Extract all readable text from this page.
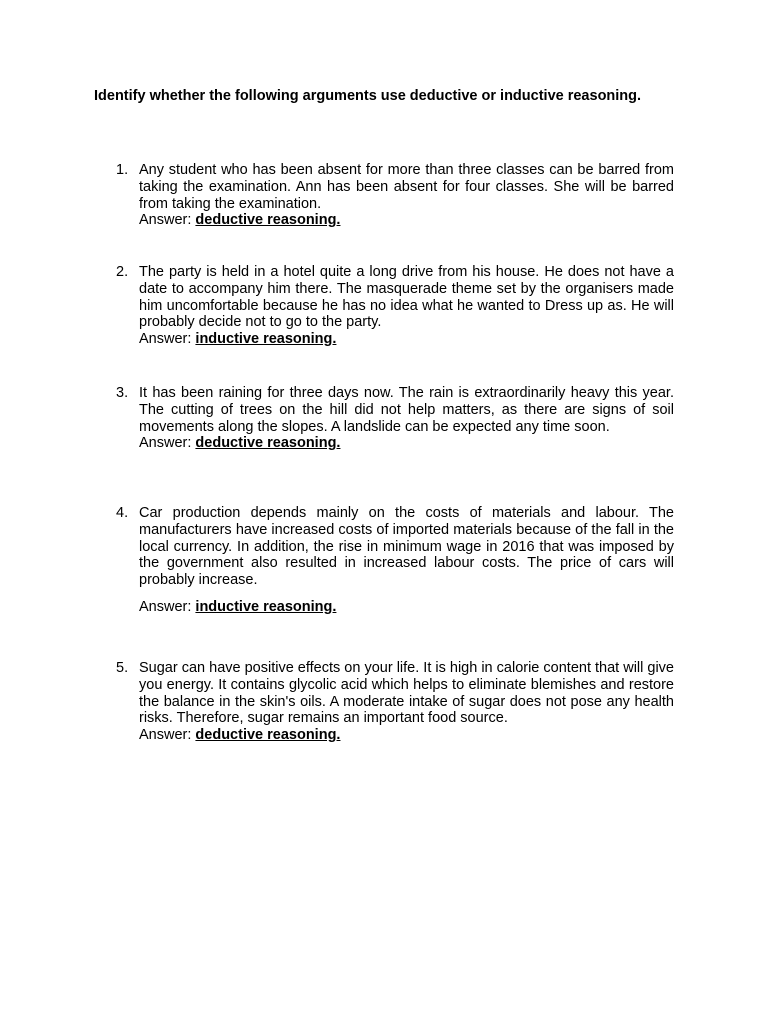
Identify whether the following arguments use deductive or inductive reasoning.

1. Any student who has been absent for more than three classes can be barred from taking the examination. Ann has been absent for four classes. She will be barred from taking the examination.

Answer: deductive reasoning.

2. The party is held in a hotel quite a long drive from his house. He does not have a date to accompany him there. The masquerade theme set by the organisers made him uncomfortable because he has no idea what he wanted to Dress up as. He will probably decide not to go to the party.

Answer: inductive reasoning.

3. It has been raining for three days now. The rain is extraordinarily heavy this year. The cutting of trees on the hill did not help matters, as there are signs of soil movements along the slopes. A landslide can be expected any time soon.

Answer: deductive reasoning.

4. Car production depends mainly on the costs of materials and labour. The manufacturers have increased costs of imported materials because of the fall in the local currency. In addition, the rise in minimum wage in 2016 that was imposed by the government also resulted in increased labour costs. The price of cars will probably increase.

Answer: inductive reasoning.

5. Sugar can have positive effects on your life. It is high in calorie content that will give you energy. It contains glycolic acid which helps to eliminate blemishes and restore the balance in the skin's oils. A moderate intake of sugar does not pose any health risks. Therefore, sugar remains an important food source.

Answer: deductive reasoning.
